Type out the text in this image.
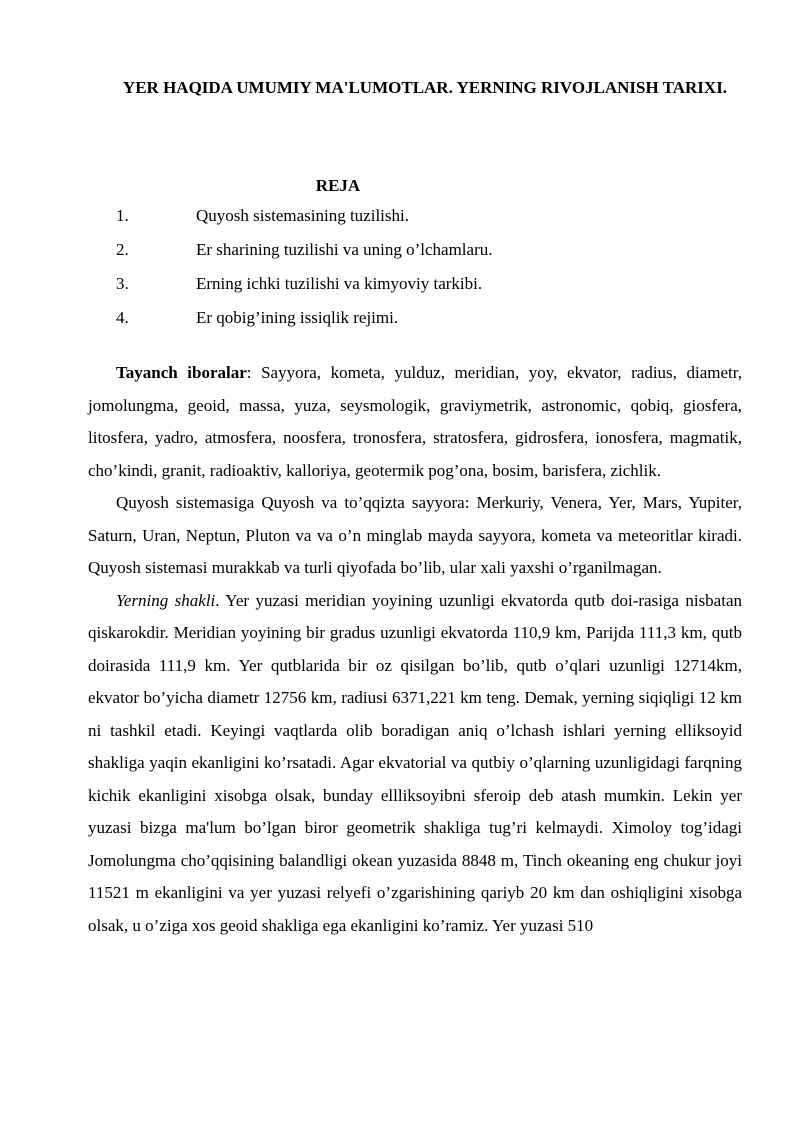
YER HAQIDA UMUMIY MA'LUMOTLAR. YERNING RIVOJLANISH TARIXI.
REJA
1.	Quyosh sistemasining tuzilishi.
2.	Er sharining tuzilishi va uning o’lchamlaru.
3.	Erning ichki tuzilishi va kimyoviy tarkibi.
4.	Er qobig’ining issiqlik rejimi.

Tayanch iboralar: Sayyora, kometa, yulduz, meridian, yoy, ekvator, radius, diametr, jomolungma, geoid, massa, yuza, seysmologik, graviymetrik, astronomic, qobiq, giosfera, litosfera, yadro, atmosfera, noosfera, tronosfera, stratosfera, gidrosfera, ionosfera, magmatik, cho’kindi, granit, radioaktiv, kalloriya, geotermik pog’ona, bosim, barisfera, zichlik.

Quyosh sistemasiga Quyosh va to’qqizta sayyora: Merkuriy, Venera, Yer, Mars, Yupiter, Saturn, Uran, Neptun, Pluton va va o’n minglab mayda sayyora, kometa va meteoritlar kiradi. Quyosh sistemasi murakkab va turli qiyofada bo’lib, ular xali yaxshi o’rganilmagan.

Yerning shakli. Yer yuzasi meridian yoyining uzunligi ekvatorda qutb doi-rasiga nisbatan qiskarokdir. Meridian yoyining bir gradus uzunligi ekvatorda 110,9 km, Parijda 111,3 km, qutb doirasida 111,9 km. Yer qutblarida bir oz qisilgan bo’lib, qutb o’qlari uzunligi 12714km, ekvator bo’yicha diametr 12756 km, radiusi 6371,221 km teng. Demak, yerning siqiqligi 12 km ni tashkil etadi. Keyingi vaqtlarda olib boradigan aniq o’lchash ishlari yerning elliksoyid shakliga yaqin ekanligini ko’rsatadi. Agar ekvatorial va qutbiy o’qlarning uzunligidagi farqning kichik ekanligini xisobga olsak, bunday ellliksoyibni sferoip deb atash mumkin. Lekin yer yuzasi bizga ma'lum bo’lgan biror geometrik shakliga tug’ri kelmaydi. Ximoloy tog’idagi Jomolungma cho’qqisining balandligi okean yuzasida 8848 m, Tinch okeaning eng chukur joyi 11521 m ekanligini va yer yuzasi relyefi o’zgarishining qariyb 20 km dan oshiqligini xisobga olsak, u o’ziga xos geoid shakliga ega ekanligini ko’ramiz. Yer yuzasi 510
